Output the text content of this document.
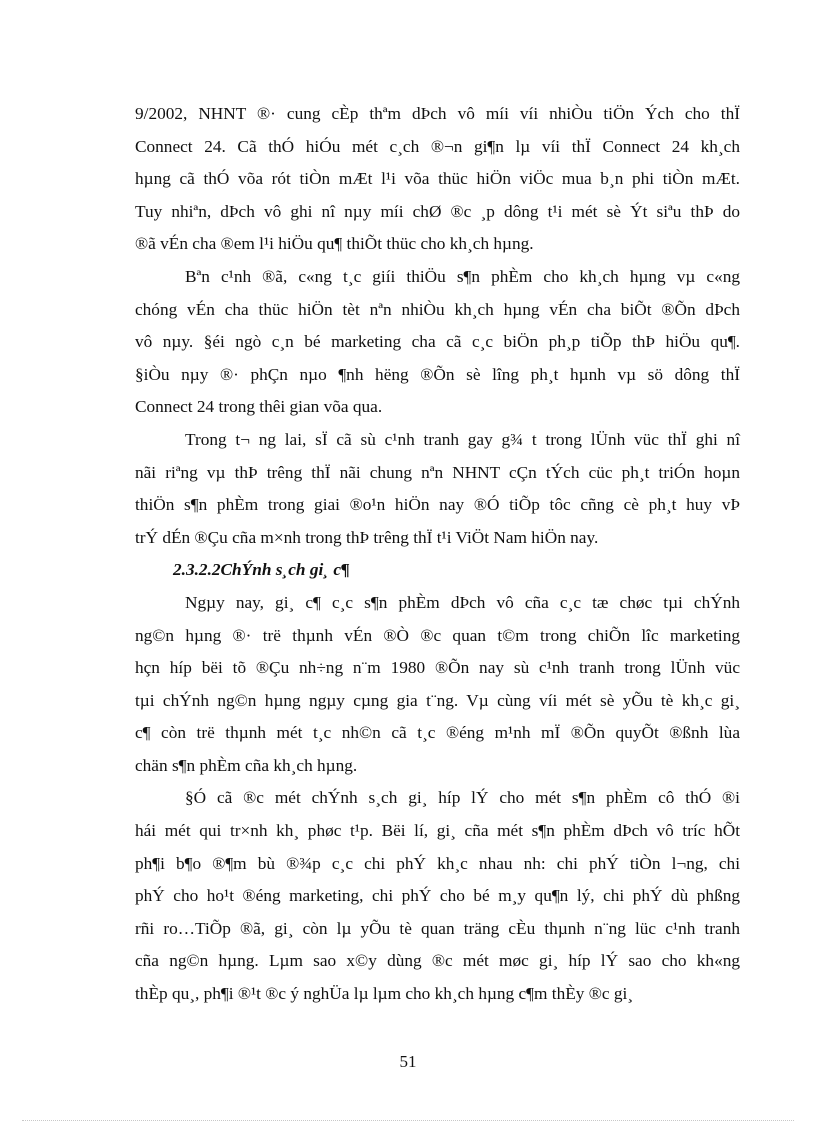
9/2002, NHNT ®· cung cÈp thªm dÞch vô míi víi nhiÒu tiÖn Ých cho thÏ
Connect 24. Cã thÓ hiÓu mét c¸ch ®¬n gi¶n lµ víi thÏ Connect 24 kh¸ch
hµng cã thÓ võa rót tiÒn mÆt l¹i võa thüc hiÖn viÖc mua b¸n phi tiÒn mÆt.
Tuy nhiªn, dÞch vô ghi nî nµy míi chØ ®c ¸p dông t¹i mét sè Ýt siªu thÞ do
®ã vÉn cha ®em l¹i hiÖu qu¶ thiÕt thüc cho kh¸ch hµng.

Bªn c¹nh ®ã, c«ng t¸c giíi thiÖu s¶n phÈm cho kh¸ch hµng vµ c«ng
chóng vÉn cha thüc hiÖn tèt nªn nhiÒu kh¸ch hµng vÉn cha biÕt ®Õn dÞch
vô nµy. §éi ngò c¸n bé marketing cha cã c¸c biÖn ph¸p tiÕp thÞ hiÖu qu¶.
§iÒu nµy ®· phÇn nµo ¶nh hëng ®Õn sè lîng ph¸t hµnh vµ sö dông thÏ
Connect 24 trong thêi gian võa qua.

Trong t¬ ng lai, sÏ cã sù c¹nh tranh gay g¾ t trong lÜnh vüc thÏ ghi nî
nãi riªng vµ thÞ trêng thÏ nãi chung nªn NHNT cÇn tÝch cüc ph¸t triÓn hoµn
thiÖn s¶n phÈm trong giai ®o¹n hiÖn nay ®Ó tiÕp tôc cñng cè ph¸t huy vÞ
trÝ dÉn ®Çu cña m×nh trong thÞ trêng thÏ t¹i ViÖt Nam hiÖn nay.

2.3.2.2ChÝnh s¸ch gi¸ c¶

Ngµy nay, gi¸ c¶ c¸c s¶n phÈm dÞch vô cña c¸c tæ chøc tµi chÝnh
ng©n hµng ®· trë thµnh vÉn ®Ò ®c quan t©m trong chiÕn lîc marketing
hçn híp bëi tõ ®Çu nh÷ng n¨m 1980 ®Õn nay sù c¹nh tranh trong lÜnh vüc
tµi chÝnh ng©n hµng ngµy cµng gia t¨ng. Vµ cùng víi mét sè yÕu tè kh¸c gi¸
c¶ còn trë thµnh mét t¸c nh©n cã t¸c ®éng m¹nh mÏ ®Õn quyÕt ®ßnh lùa
chän s¶n phÈm cña kh¸ch hµng.

§Ó cã ®c mét chÝnh s¸ch gi¸ híp lÝ cho mét s¶n phÈm cô thÓ ®i
hái mét qui tr×nh kh¸ phøc t¹p. Bëi lí, gi¸ cña mét s¶n phÈm dÞch vô tríc hÕt
ph¶i b¶o ®¶m bù ®¾p c¸c chi phÝ kh¸c nhau nh: chi phÝ tiÒn l¬ng, chi
phÝ cho ho¹t ®éng marketing, chi phÝ cho bé m¸y qu¶n lý, chi phÝ dù phßng
rñi ro…TiÕp ®ã, gi¸ còn lµ yÕu tè quan träng cÈu thµnh n¨ng lüc c¹nh tranh
cña ng©n hµng. Lµm sao x©y dùng ®c mét møc gi¸ híp lÝ sao cho kh«ng
thÈp qu¸, ph¶i ®¹t ®c ý nghÜa lµ lµm cho kh¸ch hµng c¶m thÈy ®c gi¸

51
